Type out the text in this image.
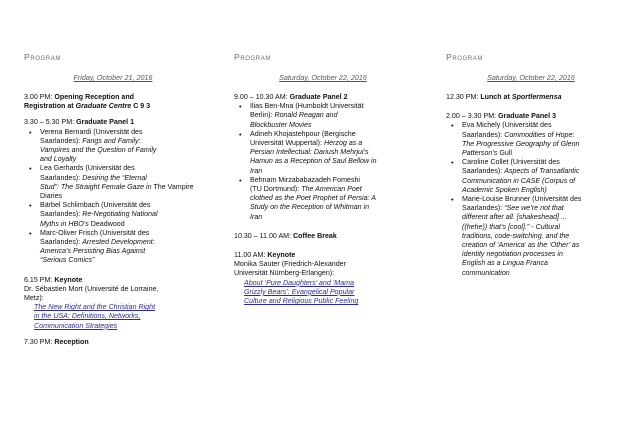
Program
Friday, October 21, 2016

3.00 PM: Opening Reception and

Registration at Graduate Centre C 9 3

3.30 – 5.30 PM: Graduate Panel 1

• Verena Bernardi (Universität des
Saarlandes): Fangs and Family:
Vampires and the Question of Family
and Loyalty
• Lea Gerhards (Universität des
Saarlandes): Desiring the “Eternal
Stud”: The Straight Female Gaze in The Vampire Diaries
• Bärbel Schlimbach (Universität des
Saarlandes): Re-Negotiating National
Myths in HBO’s Deadwood
• Marc-Oliver Frisch (Universität des
Saarlandes): Arrested Development:
America’s Persisting Bias Against
“Serious Comics”

6.15 PM: Keynote

Dr. Sébastien Mort (Université de Lorraine,

Metz):

The New Right and the Christian Right
in the USA: Definitions, Networks,
Communication Strategies

7.30 PM: Reception

Program
Saturday, October 22, 2016

9.00 – 10.30 AM: Graduate Panel 2

• Ilias Ben-Mna (Humboldt Universität
Berlin): Ronald Reagan and
Blockbuster Movies
• Adineh Khojastehpour (Bergische
Universität Wuppertal): Herzog as a
Persian Intellectual: Dariush Mehrjui’s
Hamun as a Reception of Saul Bellow in
Iran
• Behnam Mirzababazadeh Fomeshi
(TU Dortmund): The American Poet
clothed as the Poet Prophet of Persia: A
Study on the Reception of Whitman in
Iran

10.30 – 11.00 AM: Coffee Break

11.00 AM: Keynote

Monika Sauter (Friedrich-Alexander

Universität Nürnberg-Erlangen):

About ‘Pure Daughters’ and ‘Mama
Grizzly Bears’: Evangelical Popular
Culture and Religious Public Feeling
Program
Saturday, October 22, 2016

12.30 PM: Lunch at Sportlermensa

2.00 – 3.30 PM: Graduate Panel 3

• Eva Michely (Universität des
Saarlandes): Commodities of Hope:
The Progressive Geography of Glenn
Patterson’s Gull
• Caroline Collet (Universität des
Saarlandes): Aspects of Transatlantic
Communication in CASE (Corpus of
Academic Spoken English)
• Marie-Louise Brunner (Universität des
Saarlandes): “See we’re not that
different after all. [shakeshead] ...
((hehe)) that’s [cool].” - Cultural
traditions, code-switching, and the
creation of ‘America’ as the ‘Other’ as
identity negotiation processes in
English as a Lingua Franca
communication
